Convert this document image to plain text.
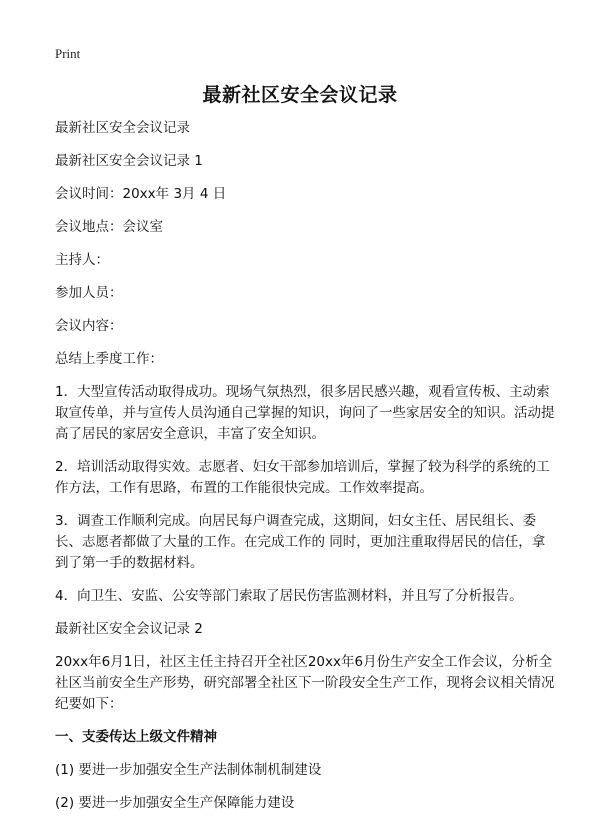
Print
最新社区安全会议记录

最新社区安全会议记录

最新社区安全会议记录 1

会议时间：20xx年 3月 4 日

会议地点：会议室

主持人：

参加人员：

会议内容：

总结上季度工作：

1．大型宣传活动取得成功。现场气氛热烈，很多居民感兴趣，观看宣传板、主动索取宣传单，并与宣传人员沟通自己掌握的知识，询问了一些家居安全的知识。活动提高了居民的家居安全意识，丰富了安全知识。

2．培训活动取得实效。志愿者、妇女干部参加培训后，掌握了较为科学的系统的工作方法，工作有思路，布置的工作能很快完成。工作效率提高。

3．调查工作顺利完成。向居民每户调查完成，这期间，妇女主任、居民组长、委长、志愿者都做了大量的工作。在完成工作的 同时，更加注重取得居民的信任，拿到了第一手的数据材料。

4．向卫生、安监、公安等部门索取了居民伤害监测材料，并且写了分析报告。

最新社区安全会议记录 2

20xx年6月1日，社区主任主持召开全社区20xx年6月份生产安全工作会议，分析全社区当前安全生产形势，研究部署全社区下一阶段安全生产工作，现将会议相关情况纪要如下：

一、支委传达上级文件精神

(1) 要进一步加强安全生产法制体制机制建设

(2) 要进一步加强安全生产保障能力建设
